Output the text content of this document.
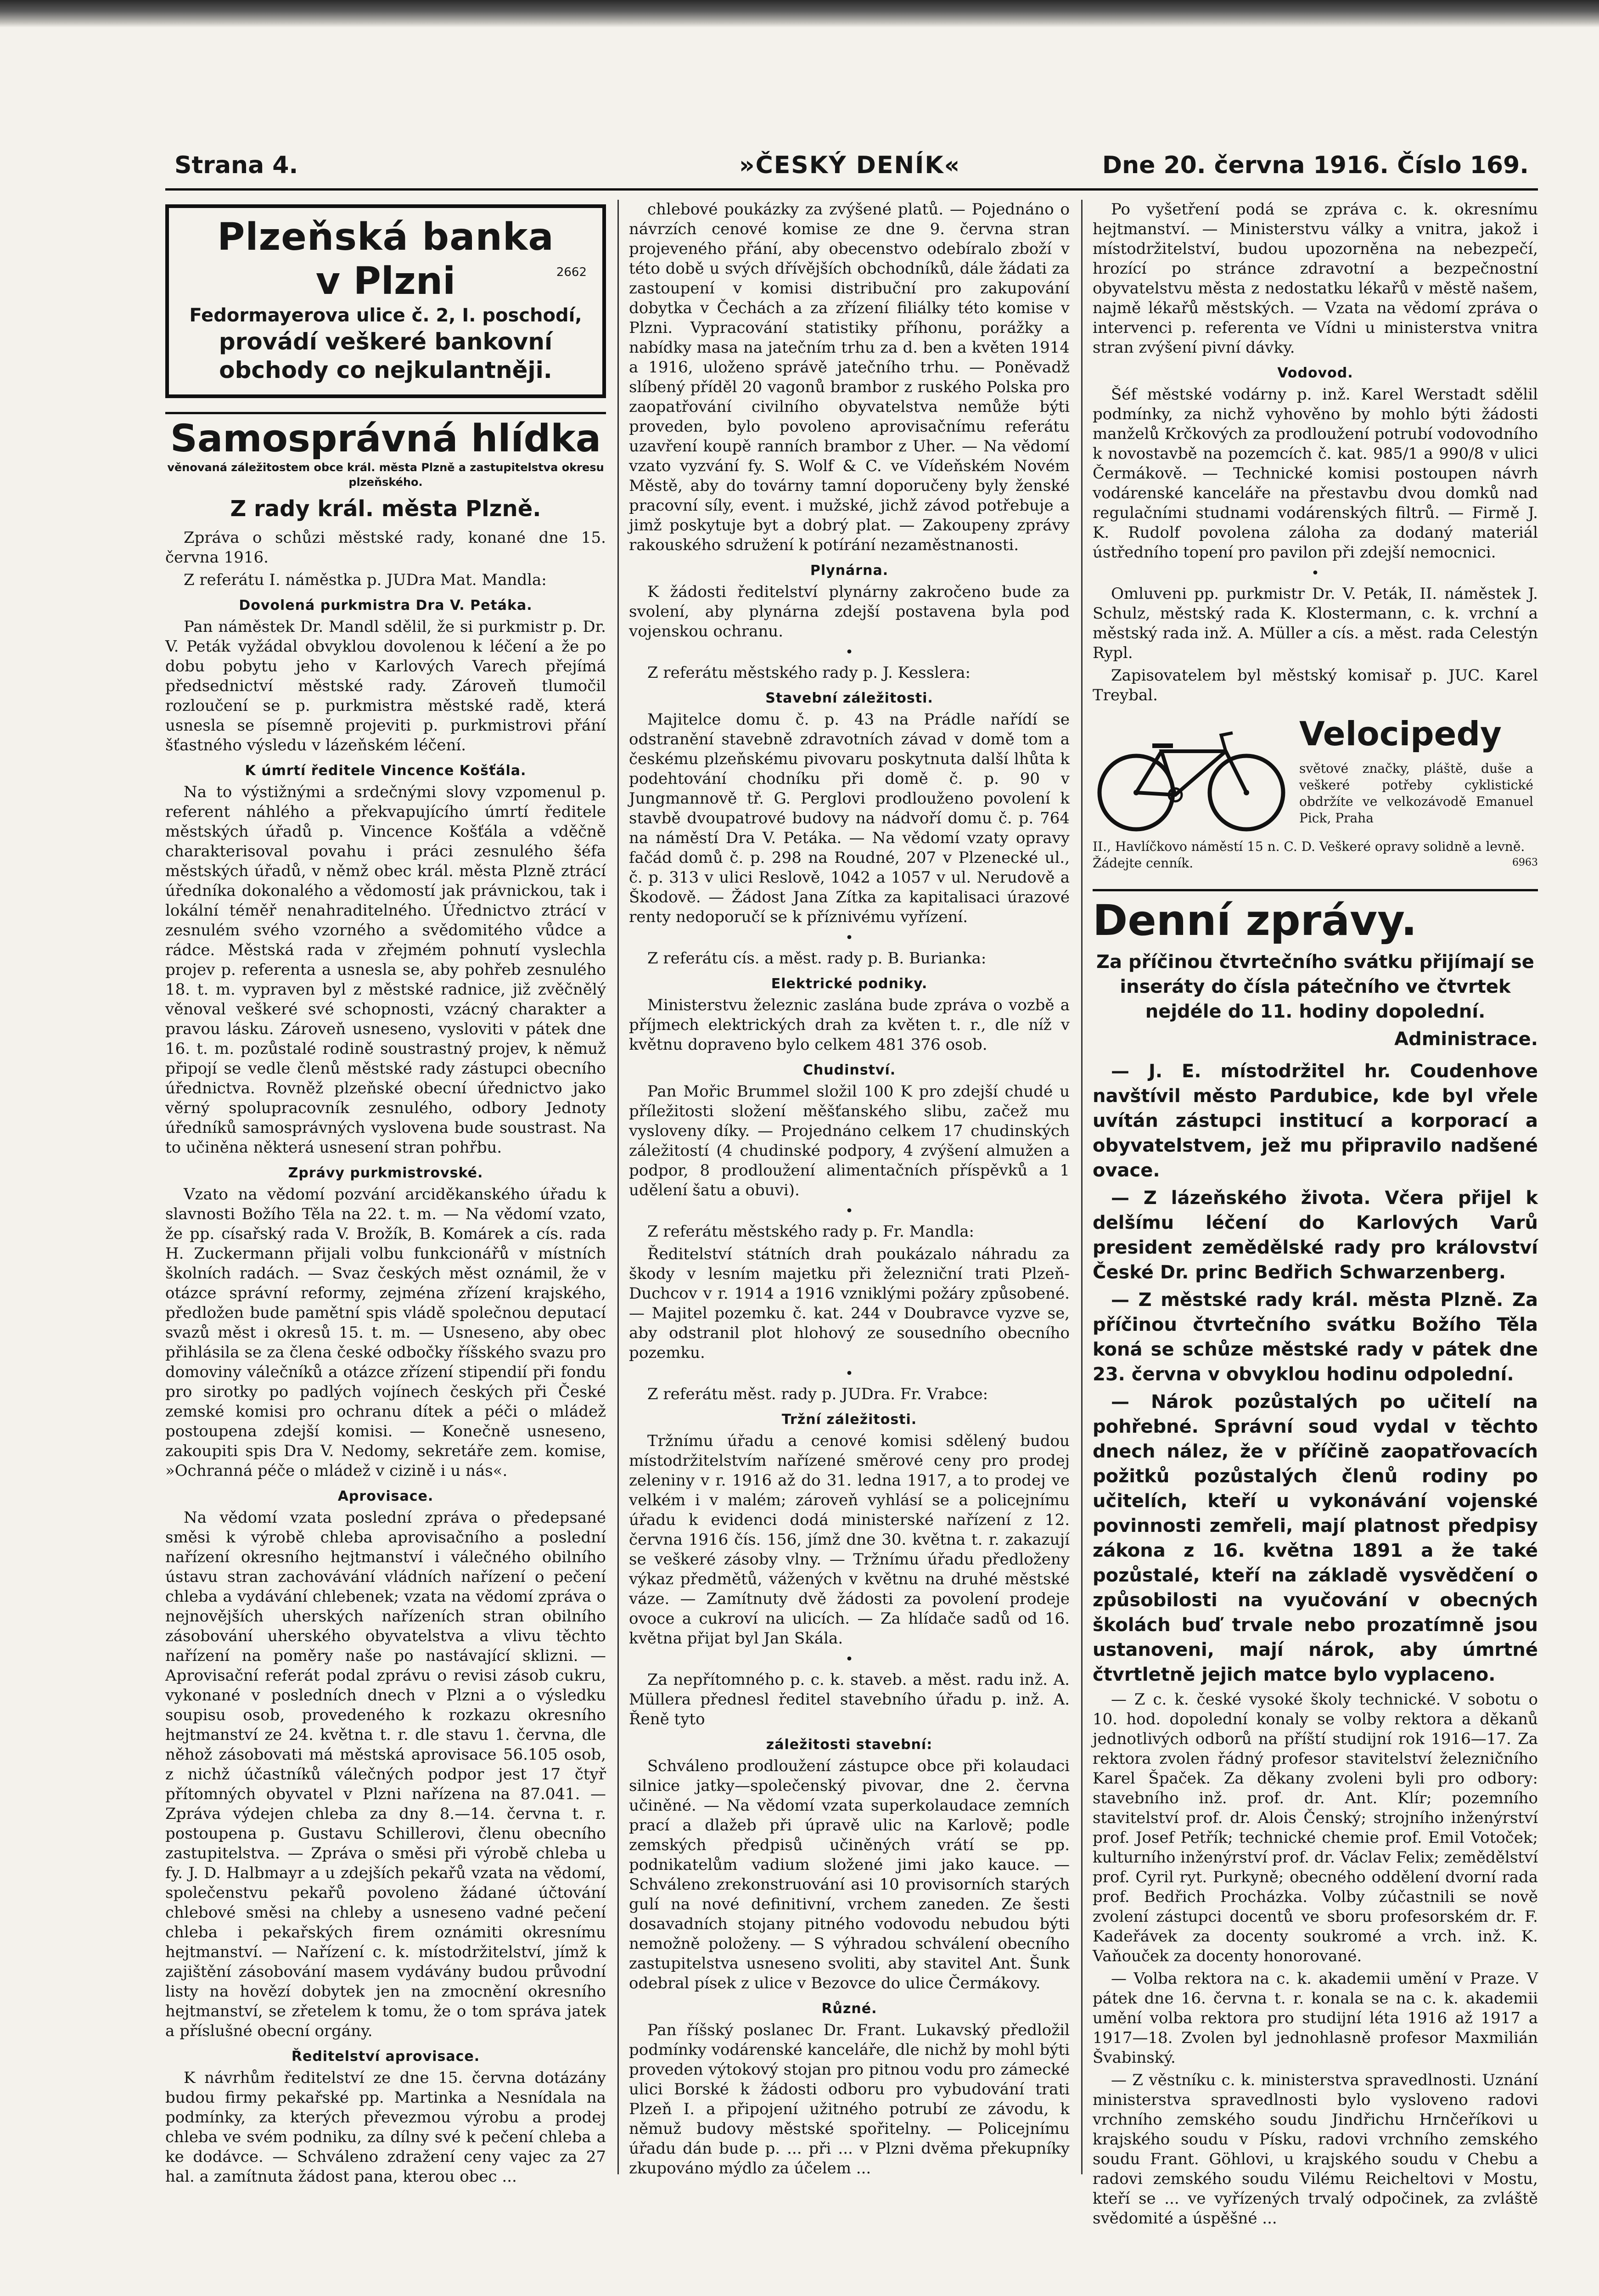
Strana 4.	»ČESKÝ DENÍK«	Dne 20. června 1916. Číslo 169.
Plzeňská banka
v Plzni	2662
Fedormayerova ulice č. 2, I. poschodí,
provádí veškeré bankovní
obchody co nejkulantněji.
Samosprávná hlídka
věnovaná záležitostem obce král. města Plzně a zastupitelstva okresu plzeňského.
Z rady král. města Plzně.

Zpráva o schůzi městské rady, konané dne 15. června 1916.

Z referátu I. náměstka p. JUDra Mat. Mandla:

Dovolená purkmistra Dra V. Petáka.

Pan náměstek Dr. Mandl sdělil, že si purkmistr p. Dr. V. Peták vyžádal obvyklou dovolenou k léčení a že po dobu pobytu jeho v Karlových Varech přejímá předsednictví městské rady. Zároveň tlumočil rozloučení se p. purkmistra městské radě, která usnesla se písemně projeviti p. purkmistrovi přání šťastného výsledu v lázeňském léčení.

K úmrtí ředitele Vincence Košťála.

Na to výstižnými a srdečnými slovy vzpomenul p. referent náhlého a překvapujícího úmrtí ředitele městských úřadů p. Vincence Košťála a vděčně charakterisoval povahu i práci zesnulého šéfa městských úřadů, v němž obec král. města Plzně ztrácí úředníka dokonalého a vědomostí jak právnickou, tak i lokální téměř nenahraditelného. Úřednictvo ztrácí v zesnulém svého vzorného a svědomitého vůdce a rádce. Městská rada v zřejmém pohnutí vyslechla projev p. referenta a usnesla se, aby pohřeb zesnulého 18. t. m. vypraven byl z městské radnice, již zvěčnělý věnoval veškeré své schopnosti, vzácný charakter a pravou lásku. Zároveň usneseno, vysloviti v pátek dne 16. t. m. pozůstalé rodině soustrastný projev, k němuž připojí se vedle členů městské rady zástupci obecního úřednictva. Rovněž plzeňské obecní úřednictvo jako věrný spolupracovník zesnulého, odbory Jednoty úředníků samosprávných vyslovena bude soustrast. Na to učiněna některá usnesení stran pohřbu.

Zprávy purkmistrovské.

Vzato na vědomí pozvání arciděkanského úřadu k slavnosti Božího Těla na 22. t. m. — Na vědomí vzato, že pp. císařský rada V. Brožík, B. Komárek a cís. rada H. Zuckermann přijali volbu funkcionářů v místních školních radách. — Svaz českých měst oznámil, že v otázce správní reformy, zejména zřízení krajského, předložen bude pamětní spis vládě společnou deputací svazů měst i okresů 15. t. m. — Usneseno, aby obec přihlásila se za člena české odbočky říšského svazu pro domoviny válečníků a otázce zřízení stipendií při fondu pro sirotky po padlých vojínech českých při České zemské komisi pro ochranu dítek a péči o mládež postoupena zdejší komisi. — Konečně usneseno, zakoupiti spis Dra V. Nedomy, sekretáře zem. komise, »Ochranná péče o mládež v cizině i u nás«.

Aprovisace.

Na vědomí vzata poslední zpráva o předepsané směsi k výrobě chleba aprovisačního a poslední nařízení okresního hejtmanství i válečného obilního ústavu stran zachovávání vládních nařízení o pečení chleba a vydávání chlebenek; vzata na vědomí zpráva o nejnovějších uherských nařízeních stran obilního zásobování uherského obyvatelstva a vlivu těchto nařízení na poměry naše po nastávající sklizni. — Aprovisační referát podal zprávu o revisi zásob cukru, vykonané v posledních dnech v Plzni a o výsledku soupisu osob, provedeného k rozkazu okresního hejtmanství ze 24. května t. r. dle stavu 1. června, dle něhož zásobovati má městská aprovisace 56.105 osob, z nichž účastníků válečných podpor jest 17 čtyř přítomných obyvatel v Plzni nařízena na 87.041. — Zpráva výdejen chleba za dny 8.—14. června t. r. postoupena p. Gustavu Schillerovi, členu obecního zastupitelstva. — Zpráva o směsi při výrobě chleba u fy. J. D. Halbmayr a u zdejších pekařů vzata na vědomí, společenstvu pekařů povoleno žádané účtování chlebové směsi na chleby a usneseno vadné pečení chleba i pekařských firem oznámiti okresnímu hejtmanství. — Nařízení c. k. místodržitelství, jímž k zajištění zásobování masem vydávány budou průvodní listy na hovězí dobytek jen na zmocnění okresního hejtmanství, se zřetelem k tomu, že o tom správa jatek a příslušné obecní orgány.

Ředitelství aprovisace.

K návrhům ředitelství ze dne 15. června dotázány budou firmy pekařské pp. Martinka a Nesnídala na podmínky, za kterých převezmou výrobu a prodej chleba ve svém podniku, za dílny své k pečení chleba a ke dodávce. — Schváleno zdražení ceny vajec za 27 hal. a zamítnuta žádost pana, kterou obec ...

chlebové poukázky za zvýšené platů. — Pojednáno o návrzích cenové komise ze dne 9. června stran projeveného přání, aby obecenstvo odebíralo zboží v této době u svých dřívějších obchodníků, dále žádati za zastoupení v komisi distribuční pro zakupování dobytka v Čechách a za zřízení filiálky této komise v Plzni. Vypracování statistiky příhonu, porážky a nabídky masa na jatečním trhu za d. ben a květen 1914 a 1916, uloženo správě jatečního trhu. — Poněvadž slíbený příděl 20 vagonů brambor z ruského Polska pro zaopatřování civilního obyvatelstva nemůže býti proveden, bylo povoleno aprovisačnímu referátu uzavření koupě ranních brambor z Uher. — Na vědomí vzato vyzvání fy. S. Wolf & C. ve Vídeňském Novém Městě, aby do továrny tamní doporučeny byly ženské pracovní síly, event. i mužské, jichž závod potřebuje a jimž poskytuje byt a dobrý plat. — Zakoupeny zprávy rakouského sdružení k potírání nezaměstnanosti.

Plynárna.

K žádosti ředitelství plynárny zakročeno bude za svolení, aby plynárna zdejší postavena byla pod vojenskou ochranu.

•

Z referátu městského rady p. J. Kesslera:

Stavební záležitosti.

Majitelce domu č. p. 43 na Prádle nařídí se odstranění stavebně zdravotních závad v domě tom a českému plzeňskému pivovaru poskytnuta další lhůta k podehtování chodníku při domě č. p. 90 v Jungmannově tř. G. Perglovi prodlouženo povolení k stavbě dvoupatrové budovy na nádvoří domu č. p. 764 na náměstí Dra V. Petáka. — Na vědomí vzaty opravy fačád domů č. p. 298 na Roudné, 207 v Plzenecké ul., č. p. 313 v ulici Reslově, 1042 a 1057 v ul. Nerudově a Škodově. — Žádost Jana Zítka za kapitalisaci úrazové renty nedoporučí se k příznivému vyřízení.

•

Z referátu cís. a měst. rady p. B. Burianka:

Elektrické podniky.

Ministerstvu železnic zaslána bude zpráva o vozbě a příjmech elektrických drah za květen t. r., dle níž v květnu dopraveno bylo celkem 481 376 osob.

Chudinství.

Pan Mořic Brummel složil 100 K pro zdejší chudé u příležitosti složení měšťanského slibu, začež mu vysloveny díky. — Projednáno celkem 17 chudinských záležitostí (4 chudinské podpory, 4 zvýšení almužen a podpor, 8 prodloužení alimentačních příspěvků a 1 udělení šatu a obuvi).

•

Z referátu městského rady p. Fr. Mandla:

Ředitelství státních drah poukázalo náhradu za škody v lesním majetku při železniční trati Plzeň-Duchcov v r. 1914 a 1916 vzniklými požáry způsobené. — Majitel pozemku č. kat. 244 v Doubravce vyzve se, aby odstranil plot hlohový ze sousedního obecního pozemku.

•

Z referátu měst. rady p. JUDra. Fr. Vrabce:

Tržní záležitosti.

Tržnímu úřadu a cenové komisi sdělený budou místodržitelstvím nařízené směrové ceny pro prodej zeleniny v r. 1916 až do 31. ledna 1917, a to prodej ve velkém i v malém; zároveň vyhlásí se a policejnímu úřadu k evidenci dodá ministerské nařízení z 12. června 1916 čís. 156, jímž dne 30. května t. r. zakazují se veškeré zásoby vlny. — Tržnímu úřadu předloženy výkaz předmětů, vážených v květnu na druhé městské váze. — Zamítnuty dvě žádosti za povolení prodeje ovoce a cukroví na ulicích. — Za hlídače sadů od 16. května přijat byl Jan Skála.

•

Za nepřítomného p. c. k. staveb. a měst. radu inž. A. Müllera přednesl ředitel stavebního úřadu p. inž. A. Řeně tyto

záležitosti stavební:

Schváleno prodloužení zástupce obce při kolaudaci silnice jatky—společenský pivovar, dne 2. června učiněné. — Na vědomí vzata superkolaudace zemních prací a dlažeb při úpravě ulic na Karlově; podle zemských předpisů učiněných vrátí se pp. podnikatelům vadium složené jimi jako kauce. — Schváleno zrekonstruování asi 10 provisorních starých gulí na nové definitivní, vrchem zaneden. Ze šesti dosavadních stojany pitného vodovodu nebudou býti nemožně položeny. — S výhradou schválení obecního zastupitelstva usneseno svoliti, aby stavitel Ant. Šunk odebral písek z ulice v Bezovce do ulice Čermákovy.

Různé.

Pan říšský poslanec Dr. Frant. Lukavský předložil podmínky vodárenské kanceláře, dle nichž by mohl býti proveden výtokový stojan pro pitnou vodu pro zámecké ulici Borské k žádosti odboru pro vybudování trati Plzeň I. a připojení užitného potrubí ze závodu, k němuž budovy městské spořitelny. — Policejnímu úřadu dán bude p. ... při ... v Plzni dvěma překupníky zkupováno mýdlo za účelem ...

Po vyšetření podá se zpráva c. k. okresnímu hejtmanství. — Ministerstvu války a vnitra, jakož i místodržitelství, budou upozorněna na nebezpečí, hrozící po stránce zdravotní a bezpečnostní obyvatelstvu města z nedostatku lékařů v městě našem, najmě lékařů městských. — Vzata na vědomí zpráva o intervenci p. referenta ve Vídni u ministerstva vnitra stran zvýšení pivní dávky.

Vodovod.

Šéf městské vodárny p. inž. Karel Werstadt sdělil podmínky, za nichž vyhověno by mohlo býti žádosti manželů Krčkových za prodloužení potrubí vodovodního k novostavbě na pozemcích č. kat. 985/1 a 990/8 v ulici Čermákově. — Technické komisi postoupen návrh vodárenské kanceláře na přestavbu dvou domků nad regulačními studnami vodárenských filtrů. — Firmě J. K. Rudolf povolena záloha za dodaný materiál ústředního topení pro pavilon při zdejší nemocnici.

•

Omluveni pp. purkmistr Dr. V. Peták, II. náměstek J. Schulz, městský rada K. Klostermann, c. k. vrchní a městský rada inž. A. Müller a cís. a měst. rada Celestýn Rypl.

Zapisovatelem byl městský komisař p. JUC. Karel Treybal.

Velocipedy
světové značky, pláště, duše a veškeré potřeby cyklistické obdržíte ve velkozávodě Emanuel Pick, Praha
II., Havlíčkovo náměstí 15 n. C. D. Veškeré opravy solidně a levně. Žádejte cenník.	6963
Denní zprávy.
Za příčinou čtvrtečního svátku přijímají se inseráty do čísla pátečního ve čtvrtek nejdéle do 11. hodiny dopolední.
Administrace.

— J. E. místodržitel hr. Coudenhove navštívil město Pardubice, kde byl vřele uvítán zástupci institucí a korporací a obyvatelstvem, jež mu připravilo nadšené ovace.

— Z lázeňského života. Včera přijel k delšímu léčení do Karlových Varů president zemědělské rady pro království České Dr. princ Bedřich Schwarzenberg.

— Z městské rady král. města Plzně. Za příčinou čtvrtečního svátku Božího Těla koná se schůze městské rady v pátek dne 23. června v obvyklou hodinu odpolední.

— Nárok pozůstalých po učitelí na pohřebné. Správní soud vydal v těchto dnech nález, že v příčině zaopatřovacích požitků pozůstalých členů rodiny po učitelích, kteří u vykonávání vojenské povinnosti zemřeli, mají platnost předpisy zákona z 16. května 1891 a že také pozůstalé, kteří na základě vysvědčení o způsobilosti na vyučování v obecných školách buď trvale nebo prozatímně jsou ustanoveni, mají nárok, aby úmrtné čtvrtletně jejich matce bylo vyplaceno.

— Z c. k. české vysoké školy technické. V sobotu o 10. hod. dopolední konaly se volby rektora a děkanů jednotlivých odborů na příští studijní rok 1916—17. Za rektora zvolen řádný profesor stavitelství železničního Karel Špaček. Za děkany zvoleni byli pro odbory: stavebního inž. prof. dr. Ant. Klír; pozemního stavitelství prof. dr. Alois Čenský; strojního inženýrství prof. Josef Petřík; technické chemie prof. Emil Votoček; kulturního inženýrství prof. dr. Václav Felix; zemědělství prof. Cyril ryt. Purkyně; obecného oddělení dvorní rada prof. Bedřich Procházka. Volby zúčastnili se nově zvolení zástupci docentů ve sboru profesorském dr. F. Kadeřávek za docenty soukromé a vrch. inž. K. Vaňouček za docenty honorované.

— Volba rektora na c. k. akademii umění v Praze. V pátek dne 16. června t. r. konala se na c. k. akademii umění volba rektora pro studijní léta 1916 až 1917 a 1917—18. Zvolen byl jednohlasně profesor Maxmilián Švabinský.

— Z věstníku c. k. ministerstva spravedlnosti. Uznání ministerstva spravedlnosti bylo vysloveno radovi vrchního zemského soudu Jindřichu Hrnčeříkovi u krajského soudu v Písku, radovi vrchního zemského soudu Frant. Göhlovi, u krajského soudu v Chebu a radovi zemského soudu Vilému Reicheltovi v Mostu, kteří se ... ve vyřízených trvalý odpočinek, za zvláště svědomité a úspěšné ...
